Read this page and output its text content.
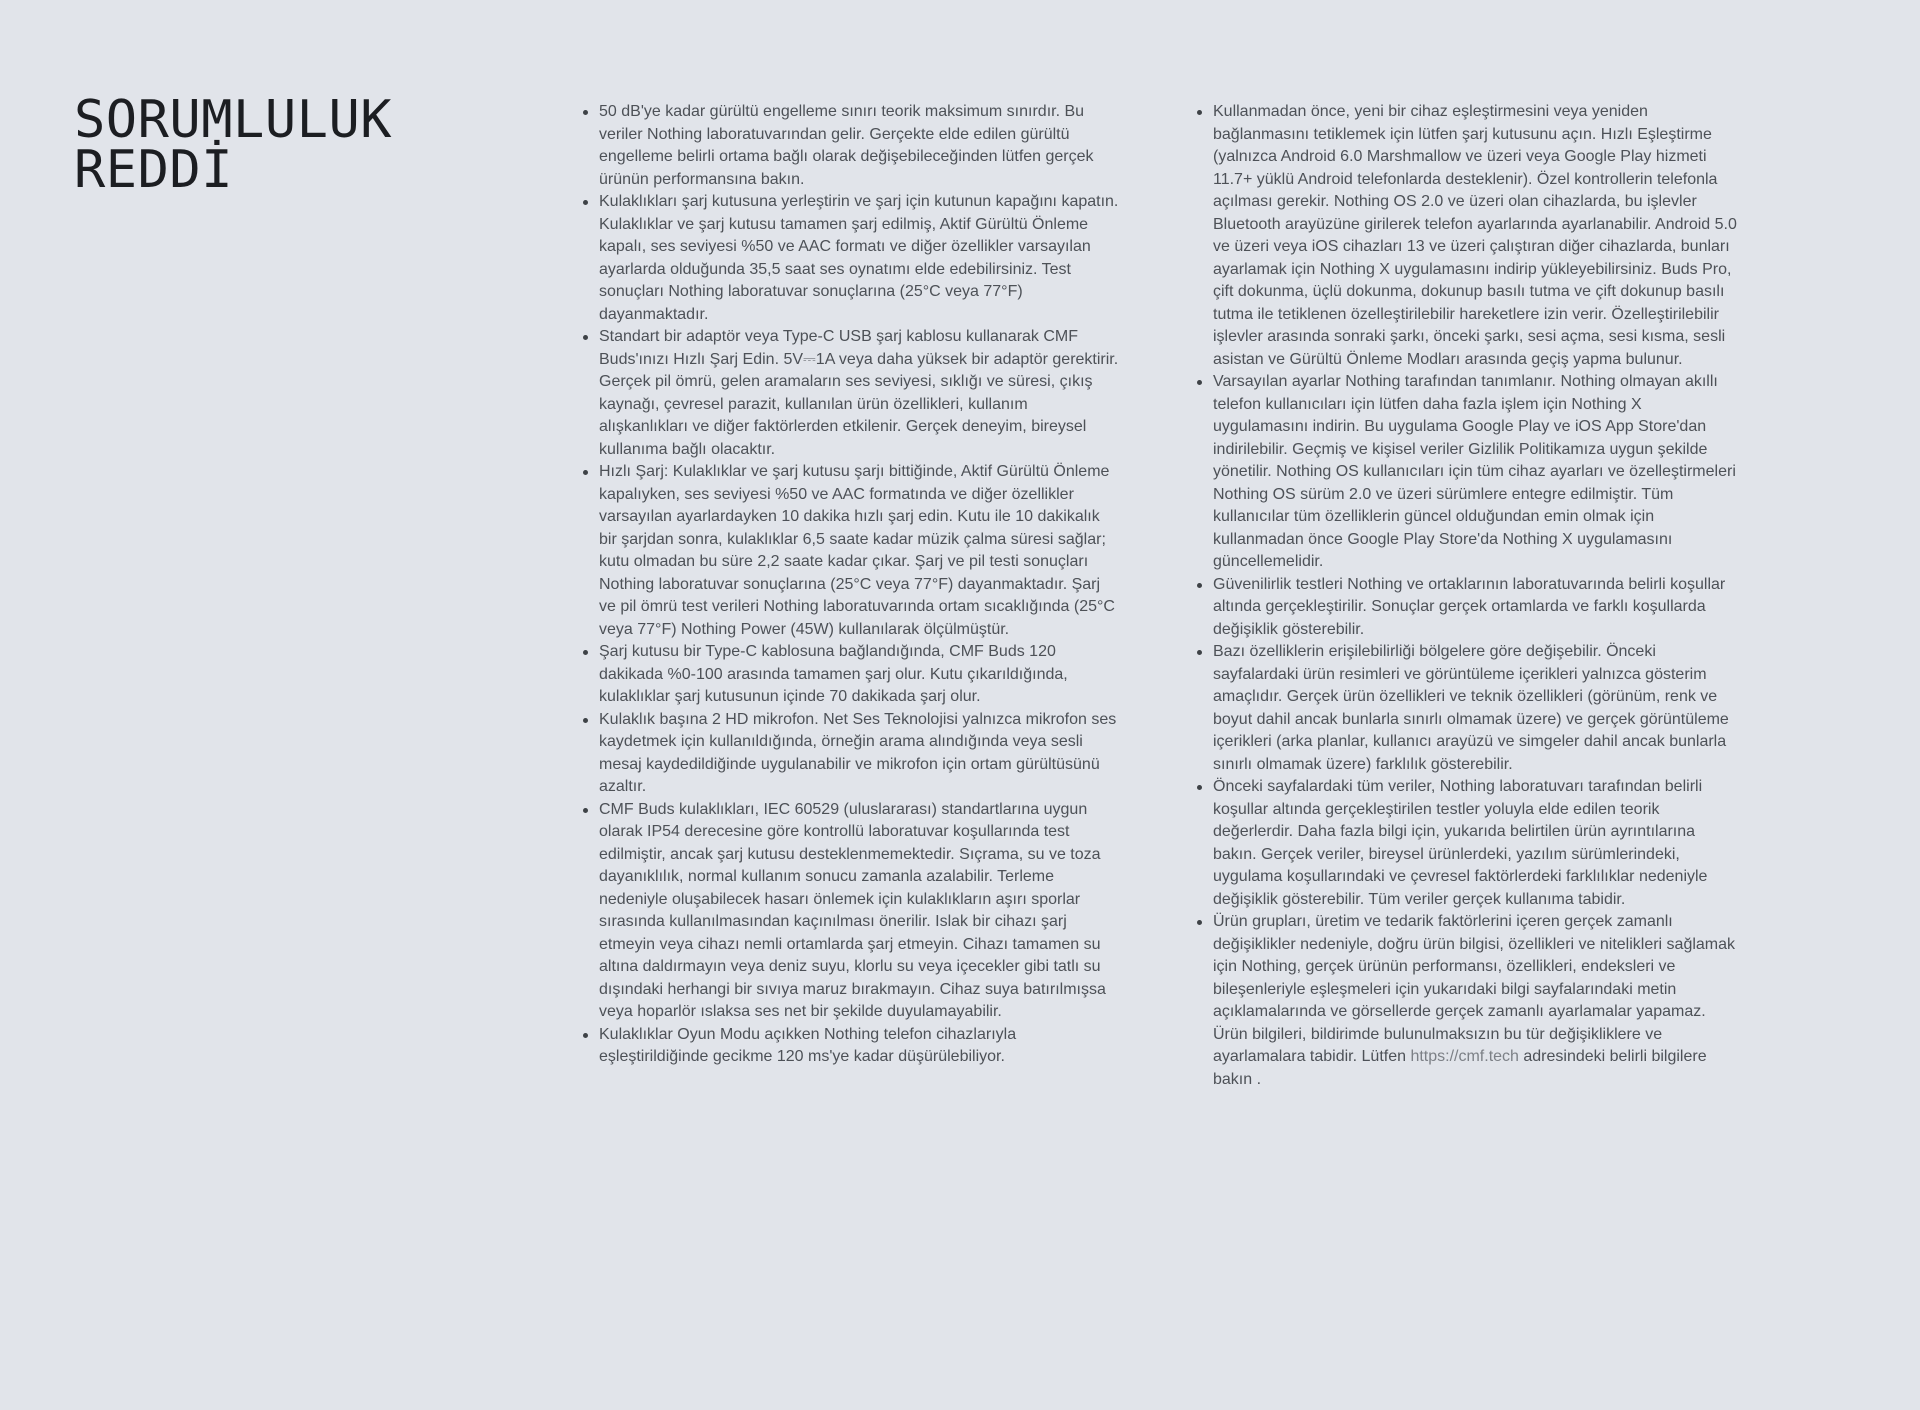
SORUMLULUK
REDDİ
50 dB'ye kadar gürültü engelleme sınırı teorik maksimum sınırdır. Bu veriler Nothing laboratuvarından gelir. Gerçekte elde edilen gürültü engelleme belirli ortama bağlı olarak değişebileceğinden lütfen gerçek ürünün performansına bakın.
Kulaklıkları şarj kutusuna yerleştirin ve şarj için kutunun kapağını kapatın. Kulaklıklar ve şarj kutusu tamamen şarj edilmiş, Aktif Gürültü Önleme kapalı, ses seviyesi %50 ve AAC formatı ve diğer özellikler varsayılan ayarlarda olduğunda 35,5 saat ses oynatımı elde edebilirsiniz. Test sonuçları Nothing laboratuvar sonuçlarına (25°C veya 77°F) dayanmaktadır.
Standart bir adaptör veya Type-C USB şarj kablosu kullanarak CMF Buds'ınızı Hızlı Şarj Edin. 5V⎓1A veya daha yüksek bir adaptör gerektirir. Gerçek pil ömrü, gelen aramaların ses seviyesi, sıklığı ve süresi, çıkış kaynağı, çevresel parazit, kullanılan ürün özellikleri, kullanım alışkanlıkları ve diğer faktörlerden etkilenir. Gerçek deneyim, bireysel kullanıma bağlı olacaktır.
Hızlı Şarj: Kulaklıklar ve şarj kutusu şarjı bittiğinde, Aktif Gürültü Önleme kapalıyken, ses seviyesi %50 ve AAC formatında ve diğer özellikler varsayılan ayarlardayken 10 dakika hızlı şarj edin. Kutu ile 10 dakikalık bir şarjdan sonra, kulaklıklar 6,5 saate kadar müzik çalma süresi sağlar; kutu olmadan bu süre 2,2 saate kadar çıkar. Şarj ve pil testi sonuçları Nothing laboratuvar sonuçlarına (25°C veya 77°F) dayanmaktadır. Şarj ve pil ömrü test verileri Nothing laboratuvarında ortam sıcaklığında (25°C veya 77°F) Nothing Power (45W) kullanılarak ölçülmüştür.
Şarj kutusu bir Type-C kablosuna bağlandığında, CMF Buds 120 dakikada %0-100 arasında tamamen şarj olur. Kutu çıkarıldığında, kulaklıklar şarj kutusunun içinde 70 dakikada şarj olur.
Kulaklık başına 2 HD mikrofon. Net Ses Teknolojisi yalnızca mikrofon ses kaydetmek için kullanıldığında, örneğin arama alındığında veya sesli mesaj kaydedildiğinde uygulanabilir ve mikrofon için ortam gürültüsünü azaltır.
CMF Buds kulaklıkları, IEC 60529 (uluslararası) standartlarına uygun olarak IP54 derecesine göre kontrollü laboratuvar koşullarında test edilmiştir, ancak şarj kutusu desteklenmemektedir. Sıçrama, su ve toza dayanıklılık, normal kullanım sonucu zamanla azalabilir. Terleme nedeniyle oluşabilecek hasarı önlemek için kulaklıkların aşırı sporlar sırasında kullanılmasından kaçınılması önerilir. Islak bir cihazı şarj etmeyin veya cihazı nemli ortamlarda şarj etmeyin. Cihazı tamamen su altına daldırmayın veya deniz suyu, klorlu su veya içecekler gibi tatlı su dışındaki herhangi bir sıvıya maruz bırakmayın. Cihaz suya batırılmışsa veya hoparlör ıslaksa ses net bir şekilde duyulamayabilir.
Kulaklıklar Oyun Modu açıkken Nothing telefon cihazlarıyla eşleştirildiğinde gecikme 120 ms'ye kadar düşürülebiliyor.
Kullanmadan önce, yeni bir cihaz eşleştirmesini veya yeniden bağlanmasını tetiklemek için lütfen şarj kutusunu açın. Hızlı Eşleştirme (yalnızca Android 6.0 Marshmallow ve üzeri veya Google Play hizmeti 11.7+ yüklü Android telefonlarda desteklenir). Özel kontrollerin telefonla açılması gerekir. Nothing OS 2.0 ve üzeri olan cihazlarda, bu işlevler Bluetooth arayüzüne girilerek telefon ayarlarında ayarlanabilir. Android 5.0 ve üzeri veya iOS cihazları 13 ve üzeri çalıştıran diğer cihazlarda, bunları ayarlamak için Nothing X uygulamasını indirip yükleyebilirsiniz. Buds Pro, çift dokunma, üçlü dokunma, dokunup basılı tutma ve çift dokunup basılı tutma ile tetiklenen özelleştirilebilir hareketlere izin verir. Özelleştirilebilir işlevler arasında sonraki şarkı, önceki şarkı, sesi açma, sesi kısma, sesli asistan ve Gürültü Önleme Modları arasında geçiş yapma bulunur.
Varsayılan ayarlar Nothing tarafından tanımlanır. Nothing olmayan akıllı telefon kullanıcıları için lütfen daha fazla işlem için Nothing X uygulamasını indirin. Bu uygulama Google Play ve iOS App Store'dan indirilebilir. Geçmiş ve kişisel veriler Gizlilik Politikamıza uygun şekilde yönetilir. Nothing OS kullanıcıları için tüm cihaz ayarları ve özelleştirmeleri Nothing OS sürüm 2.0 ve üzeri sürümlere entegre edilmiştir. Tüm kullanıcılar tüm özelliklerin güncel olduğundan emin olmak için kullanmadan önce Google Play Store'da Nothing X uygulamasını güncellemelidir.
Güvenilirlik testleri Nothing ve ortaklarının laboratuvarında belirli koşullar altında gerçekleştirilir. Sonuçlar gerçek ortamlarda ve farklı koşullarda değişiklik gösterebilir.
Bazı özelliklerin erişilebilirliği bölgelere göre değişebilir. Önceki sayfalardaki ürün resimleri ve görüntüleme içerikleri yalnızca gösterim amaçlıdır. Gerçek ürün özellikleri ve teknik özellikleri (görünüm, renk ve boyut dahil ancak bunlarla sınırlı olmamak üzere) ve gerçek görüntüleme içerikleri (arka planlar, kullanıcı arayüzü ve simgeler dahil ancak bunlarla sınırlı olmamak üzere) farklılık gösterebilir.
Önceki sayfalardaki tüm veriler, Nothing laboratuvarı tarafından belirli koşullar altında gerçekleştirilen testler yoluyla elde edilen teorik değerlerdir. Daha fazla bilgi için, yukarıda belirtilen ürün ayrıntılarına bakın. Gerçek veriler, bireysel ürünlerdeki, yazılım sürümlerindeki, uygulama koşullarındaki ve çevresel faktörlerdeki farklılıklar nedeniyle değişiklik gösterebilir. Tüm veriler gerçek kullanıma tabidir.
Ürün grupları, üretim ve tedarik faktörlerini içeren gerçek zamanlı değişiklikler nedeniyle, doğru ürün bilgisi, özellikleri ve nitelikleri sağlamak için Nothing, gerçek ürünün performansı, özellikleri, endeksleri ve bileşenleriyle eşleşmeleri için yukarıdaki bilgi sayfalarındaki metin açıklamalarında ve görsellerde gerçek zamanlı ayarlamalar yapamaz. Ürün bilgileri, bildirimde bulunulmaksızın bu tür değişikliklere ve ayarlamalara tabidir. Lütfen https://cmf.tech adresindeki belirli bilgilere bakın .
